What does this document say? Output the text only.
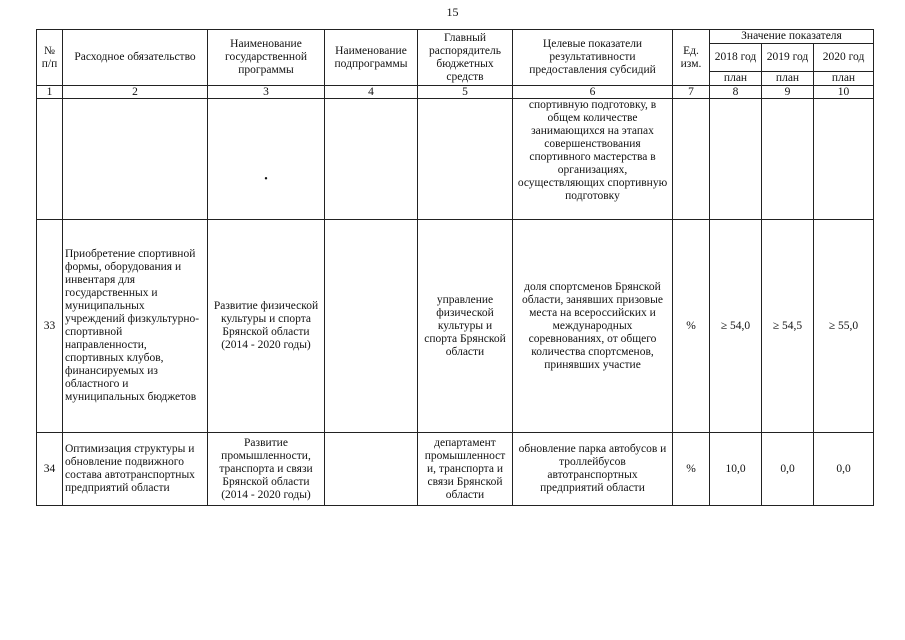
15
№ п/п	Расходное обязательство	Наименование государственной программы	Наименование подпрограммы	Главный распорядитель бюджетных средств	Целевые показатели результативности предоставления субсидий	Ед. изм.	Значение показателя		
							2018 год	2019 год	2020 год
							план	план	план
1	2	3	4	5	6	7	8	9	10

		•			спортивную подготовку, в общем количестве занимающихся на этапах совершенствования спортивного мастерства в организациях, осуществляющих спортивную подготовку				
33	Приобретение спортивной формы, оборудования и инвентаря для государственных и муниципальных учреждений физкультурно-спортивной направленности, спортивных клубов, финансируемых из областного и муниципальных бюджетов	Развитие физической культуры и спорта Брянской области (2014 - 2020 годы)		управление физической культуры и спорта Брянской области	доля спортсменов Брянской области, занявших призовые места на всероссийских и международных соревнованиях, от общего количества спортсменов, принявших участие	%	≥ 54,0	≥ 54,5	≥ 55,0
34	Оптимизация структуры и обновление подвижного состава автотранспортных предприятий области	Развитие промышленности, транспорта и связи Брянской области (2014 - 2020 годы)		департамент промышленност и, транспорта и связи Брянской области	обновление парка автобусов и троллейбусов автотранспортных предприятий области	%	10,0	0,0	0,0
